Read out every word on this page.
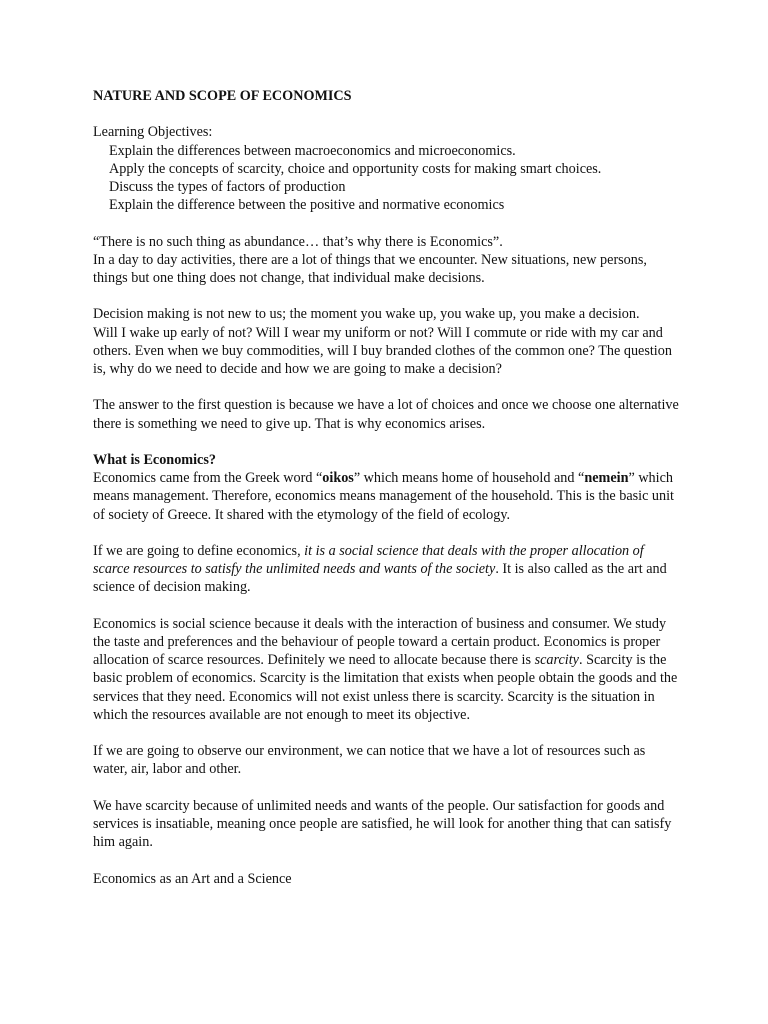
NATURE AND SCOPE OF ECONOMICS

Learning Objectives:

Explain the differences between macroeconomics and microeconomics.

Apply the concepts of scarcity, choice and opportunity costs for making smart choices.

Discuss the types of factors of production

Explain the difference between the positive and normative economics

“There is no such thing as abundance… that’s why there is Economics”.

In a day to day activities, there are a lot of things that we encounter. New situations, new persons, things but one thing does not change, that individual make decisions.

Decision making is not new to us; the moment you wake up, you wake up, you make a decision.

Will I wake up early of not? Will I wear my uniform or not? Will I commute or ride with my car and others. Even when we buy commodities, will I buy branded clothes of the common one? The question is, why do we need to decide and how we are going to make a decision?

The answer to the first question is because we have a lot of choices and once we choose one alternative there is something we need to give up. That is why economics arises.

What is Economics?

Economics came from the Greek word “oikos” which means home of household and “nemein” which means management. Therefore, economics means management of the household. This is the basic unit of society of Greece. It shared with the etymology of the field of ecology.

If we are going to define economics, it is a social science that deals with the proper allocation of scarce resources to satisfy the unlimited needs and wants of the society. It is also called as the art and science of decision making.

Economics is social science because it deals with the interaction of business and consumer. We study the taste and preferences and the behaviour of people toward a certain product. Economics is proper allocation of scarce resources. Definitely we need to allocate because there is scarcity. Scarcity is the basic problem of economics. Scarcity is the limitation that exists when people obtain the goods and the services that they need. Economics will not exist unless there is scarcity. Scarcity is the situation in which the resources available are not enough to meet its objective.

If we are going to observe our environment, we can notice that we have a lot of resources such as water, air, labor and other.

We have scarcity because of unlimited needs and wants of the people. Our satisfaction for goods and services is insatiable, meaning once people are satisfied, he will look for another thing that can satisfy him again.

Economics as an Art and a Science
